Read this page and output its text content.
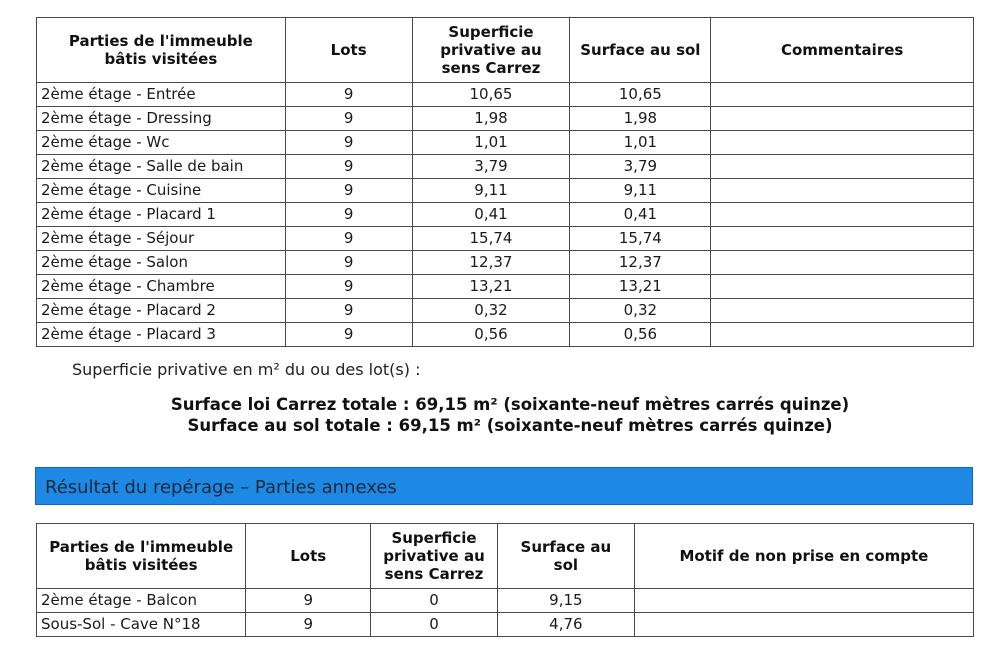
Parties de l'immeuble bâtis visitées	Lots	Superficie privative au sens Carrez	Surface au sol	Commentaires
2ème étage - Entrée	9	10,65	10,65	
2ème étage - Dressing	9	1,98	1,98	
2ème étage - Wc	9	1,01	1,01	
2ème étage - Salle de bain	9	3,79	3,79	
2ème étage - Cuisine	9	9,11	9,11	
2ème étage - Placard 1	9	0,41	0,41	
2ème étage - Séjour	9	15,74	15,74	
2ème étage - Salon	9	12,37	12,37	
2ème étage - Chambre	9	13,21	13,21	
2ème étage - Placard 2	9	0,32	0,32	
2ème étage - Placard 3	9	0,56	0,56	
Superficie privative en m² du ou des lot(s) :
Surface loi Carrez totale : 69,15 m² (soixante-neuf mètres carrés quinze)
Surface au sol totale : 69,15 m² (soixante-neuf mètres carrés quinze)
Résultat du repérage – Parties annexes
Parties de l'immeuble bâtis visitées	Lots	Superficie privative au sens Carrez	Surface au sol	Motif de non prise en compte
2ème étage - Balcon	9	0	9,15	
Sous-Sol - Cave N°18	9	0	4,76	
